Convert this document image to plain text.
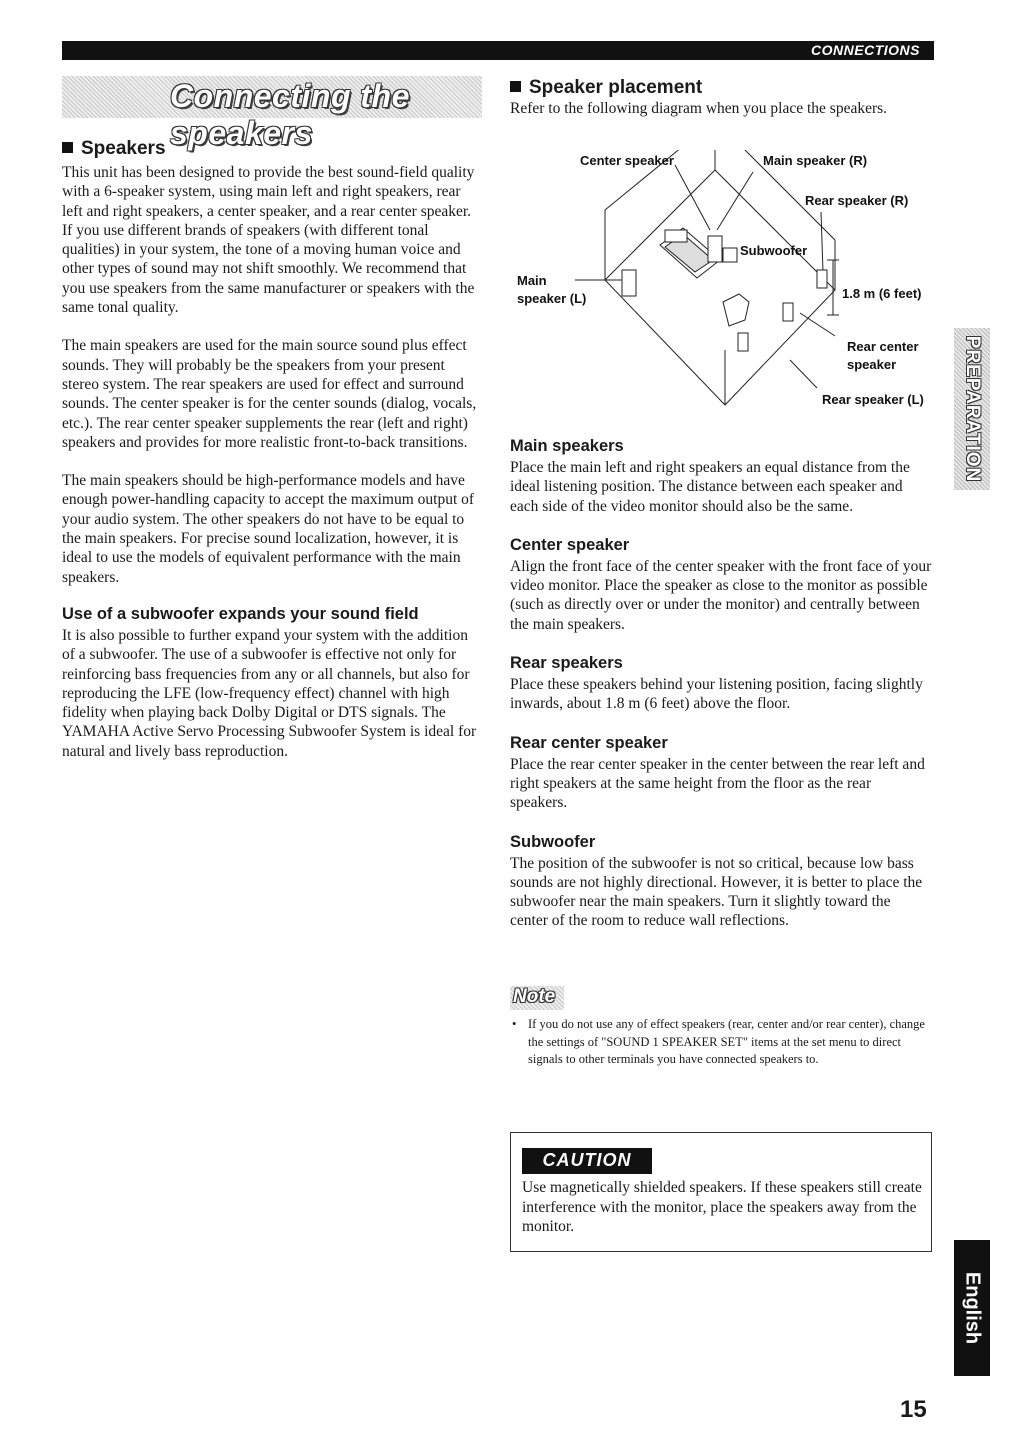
CONNECTIONS
Connecting the speakers
Speakers

This unit has been designed to provide the best sound-field quality with a 6-speaker system, using main left and right speakers, rear left and right speakers, a center speaker, and a rear center speaker. If you use different brands of speakers (with different tonal qualities) in your system, the tone of a moving human voice and other types of sound may not shift smoothly. We recommend that you use speakers from the same manufacturer or speakers with the same tonal quality.

The main speakers are used for the main source sound plus effect sounds. They will probably be the speakers from your present stereo system. The rear speakers are used for effect and surround sounds. The center speaker is for the center sounds (dialog, vocals, etc.). The rear center speaker supplements the rear (left and right) speakers and provides for more realistic front-to-back transitions.

The main speakers should be high-performance models and have enough power-handling capacity to accept the maximum output of your audio system. The other speakers do not have to be equal to the main speakers. For precise sound localization, however, it is ideal to use the models of equivalent performance with the main speakers.

Use of a subwoofer expands your sound field

It is also possible to further expand your system with the addition of a subwoofer. The use of a subwoofer is effective not only for reinforcing bass frequencies from any or all channels, but also for reproducing the LFE (low-frequency effect) channel with high fidelity when playing back Dolby Digital or DTS signals. The YAMAHA Active Servo Processing Subwoofer System is ideal for natural and lively bass reproduction.

Speaker placement

Refer to the following diagram when you place the speakers.

Center speaker	Main speaker (R)
Rear speaker (R)
Subwoofer
Main
speaker (L)	1.8 m (6 feet)
Rear center
speaker
Rear speaker (L)
Main speakers

Place the main left and right speakers an equal distance from the ideal listening position. The distance between each speaker and each side of the video monitor should also be the same.

Center speaker

Align the front face of the center speaker with the front face of your video monitor. Place the speaker as close to the monitor as possible (such as directly over or under the monitor) and centrally between the main speakers.

Rear speakers

Place these speakers behind your listening position, facing slightly inwards, about 1.8 m (6 feet) above the floor.

Rear center speaker

Place the rear center speaker in the center between the rear left and right speakers at the same height from the floor as the rear speakers.

Subwoofer

The position of the subwoofer is not so critical, because low bass sounds are not highly directional. However, it is better to place the subwoofer near the main speakers. Turn it slightly toward the center of the room to reduce wall reflections.

Note
• If you do not use any of effect speakers (rear, center and/or rear center), change the settings of "SOUND 1 SPEAKER SET" items at the set menu to direct signals to other terminals you have connected speakers to.
CAUTION
Use magnetically shielded speakers. If these speakers still create interference with the monitor, place the speakers away from the monitor.
PREPARATION
English
15
